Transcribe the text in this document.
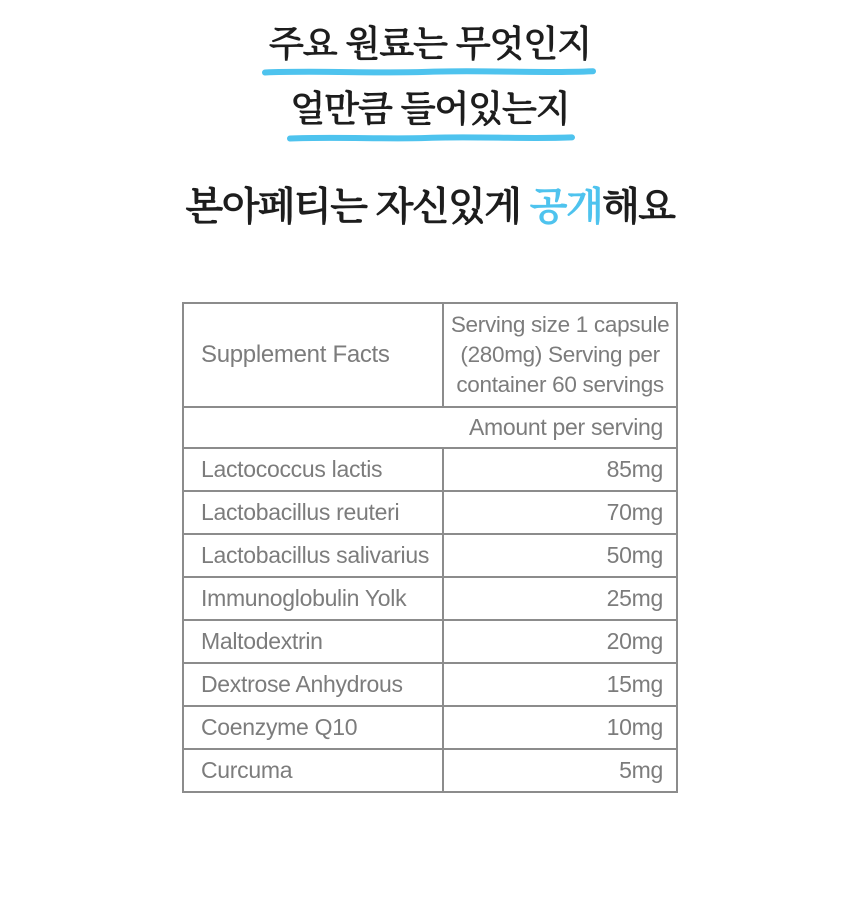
주요 원료는 무엇인지
얼만큼 들어있는지
본아페티는 자신있게 공개해요
Supplement Facts	Serving size 1 capsule (280mg) Serving per container 60 servings
Amount per serving	
Lactococcus lactis	85mg
Lactobacillus reuteri	70mg
Lactobacillus salivarius	50mg
Immunoglobulin Yolk	25mg
Maltodextrin	20mg
Dextrose Anhydrous	15mg
Coenzyme Q10	10mg
Curcuma	5mg
